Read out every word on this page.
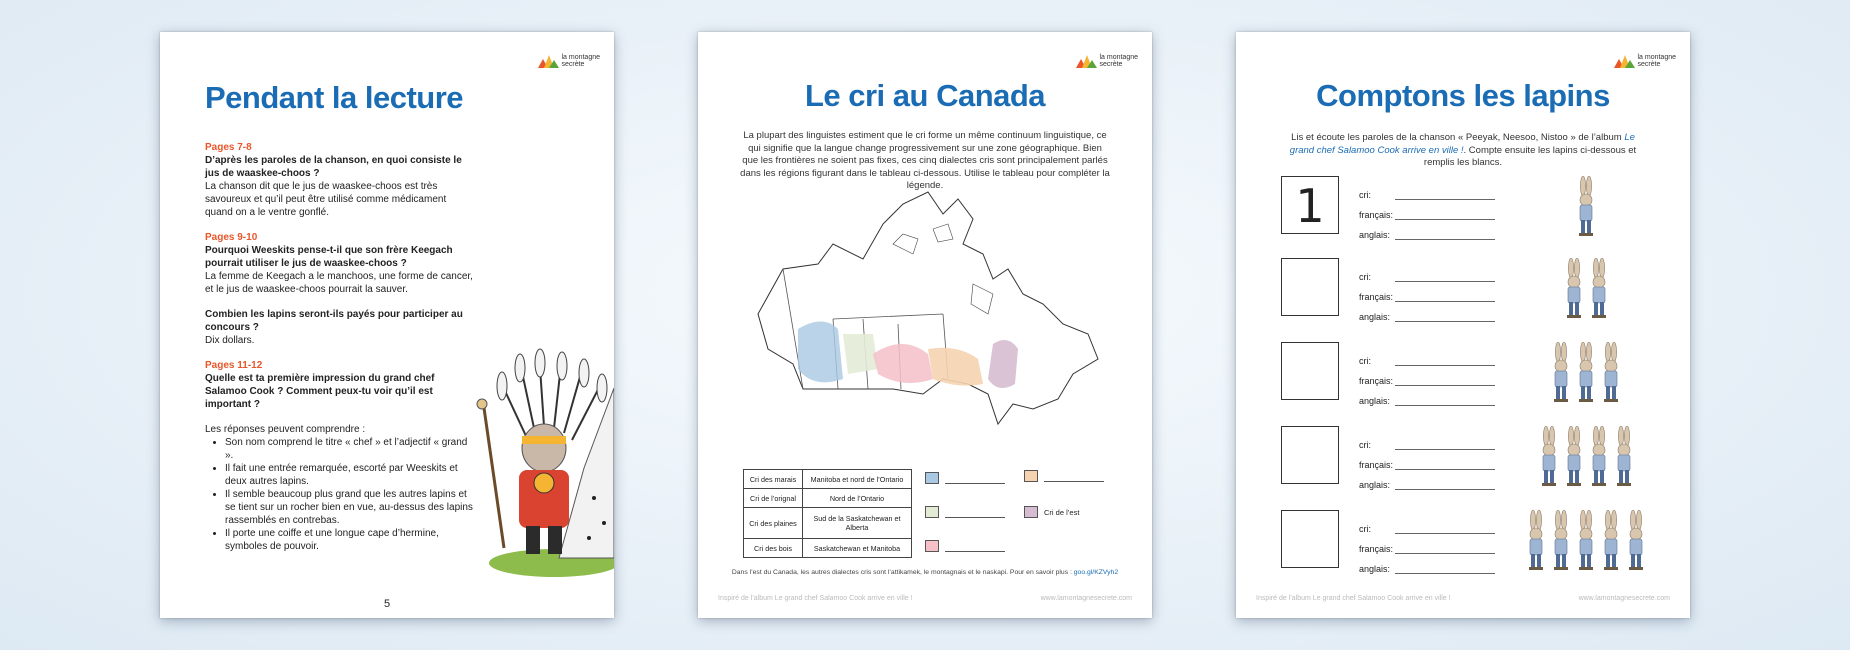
la montagne
secrète
Pendant la lecture
Pages 7-8
D’après les paroles de la chanson, en quoi consiste le jus de waaskee-choos ?
La chanson dit que le jus de waaskee-choos est très savoureux et qu’il peut être utilisé comme médicament quand on a le ventre gonflé.
Pages 9-10
Pourquoi Weeskits pense-t-il que son frère Keegach pourrait utiliser le jus de waaskee-choos ?
La femme de Keegach a le manchoos, une forme de cancer, et le jus de waaskee-choos pourrait la sauver.
Combien les lapins seront-ils payés pour participer au concours ?
Dix dollars.
Pages 11-12
Quelle est ta première impression du grand chef Salamoo Cook ? Comment peux-tu voir qu’il est important ?
Les réponses peuvent comprendre :
• Son nom comprend le titre « chef » et l’adjectif « grand ».
• Il fait une entrée remarquée, escorté par Weeskits et deux autres lapins.
• Il semble beaucoup plus grand que les autres lapins et se tient sur un rocher bien en vue, au-dessus des lapins rassemblés en contrebas.
• Il porte une coiffe et une longue cape d’hermine, symboles de pouvoir.
5
la montagne
secrète
Le cri au Canada
La plupart des linguistes estiment que le cri forme un même continuum linguistique, ce qui signifie que la langue change progressivement sur une zone géographique. Bien que les frontières ne soient pas fixes, ces cinq dialectes cris sont principalement parlés dans les régions figurant dans le tableau ci-dessous. Utilise le tableau pour compléter la légende.
Cri des marais	Manitoba et nord de l’Ontario
Cri de l’orignal	Nord de l’Ontario
Cri des plaines	Sud de la Saskatchewan et Alberta
Cri des bois	Saskatchewan et Manitoba
Cri de l’est
Dans l’est du Canada, les autres dialectes cris sont l’attikamek, le montagnais et le naskapi. Pour en savoir plus : goo.gl/KZVyh2
Inspiré de l’album Le grand chef Salamoo Cook arrive en ville !	www.lamontagnesecrete.com
la montagne
secrète
Comptons les lapins
Lis et écoute les paroles de la chanson « Peeyak, Neesoo, Nistoo » de l’album Le grand chef Salamoo Cook arrive en ville !. Compte ensuite les lapins ci-dessous et remplis les blancs.
1	cri:
français:
anglais:
cri:
français:
anglais:
cri:
français:
anglais:
cri:
français:
anglais:
cri:
français:
anglais:
Inspiré de l’album Le grand chef Salamoo Cook arrive en ville !	www.lamontagnesecrete.com
